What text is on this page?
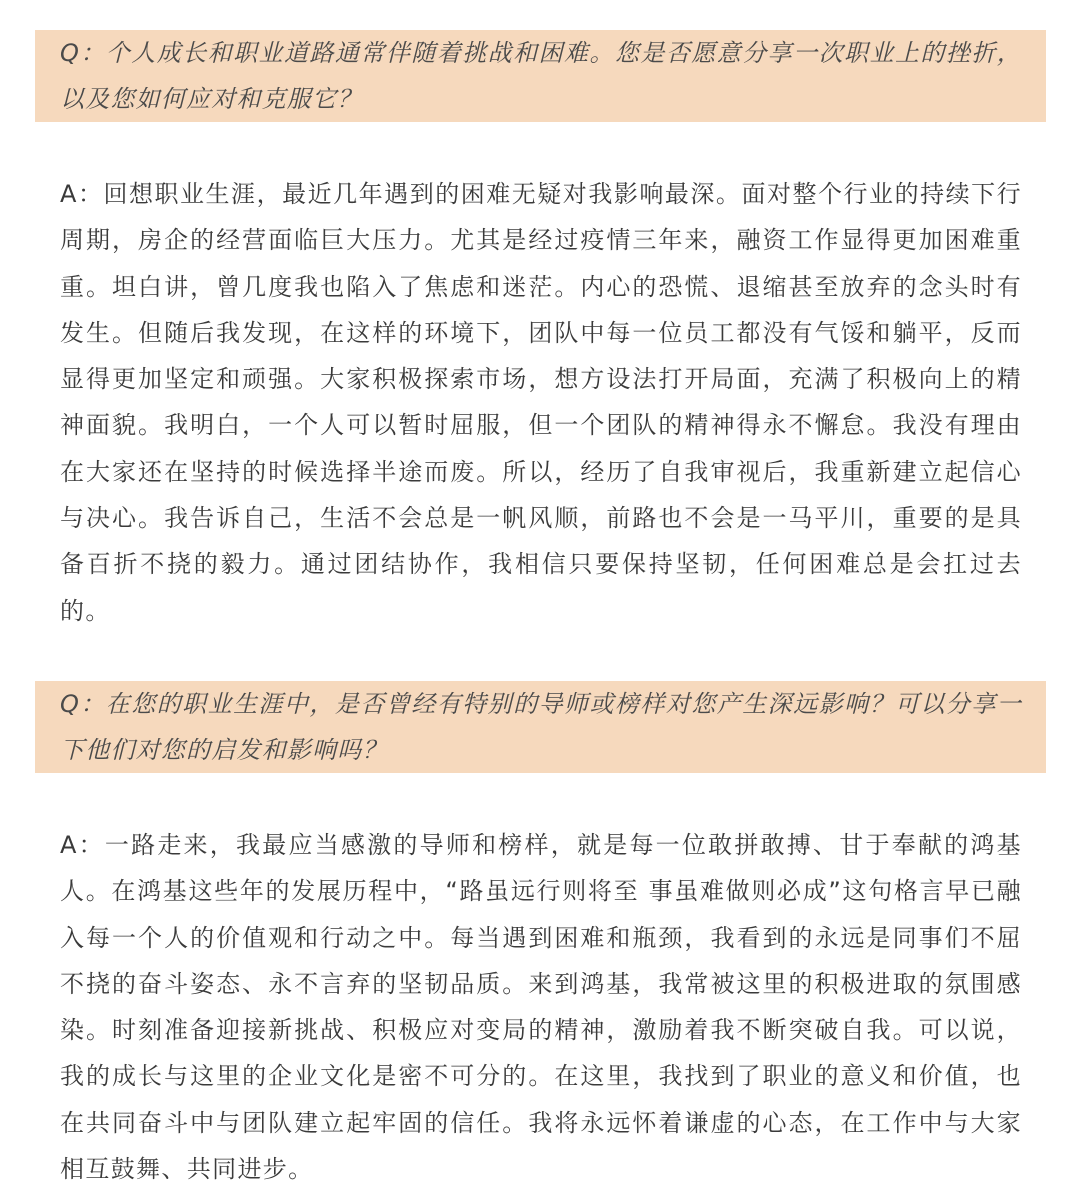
Q：个人成长和职业道路通常伴随着挑战和困难。您是否愿意分享一次职业上的挫折，以及您如何应对和克服它？

A：回想职业生涯，最近几年遇到的困难无疑对我影响最深。面对整个行业的持续下行周期，房企的经营面临巨大压力。尤其是经过疫情三年来，融资工作显得更加困难重重。坦白讲，曾几度我也陷入了焦虑和迷茫。内心的恐慌、退缩甚至放弃的念头时有发生。但随后我发现，在这样的环境下，团队中每一位员工都没有气馁和躺平，反而显得更加坚定和顽强。大家积极探索市场，想方设法打开局面，充满了积极向上的精神面貌。我明白，一个人可以暂时屈服，但一个团队的精神得永不懈怠。我没有理由在大家还在坚持的时候选择半途而废。所以，经历了自我审视后，我重新建立起信心与决心。我告诉自己，生活不会总是一帆风顺，前路也不会是一马平川，重要的是具备百折不挠的毅力。通过团结协作，我相信只要保持坚韧，任何困难总是会扛过去的。

Q：在您的职业生涯中，是否曾经有特别的导师或榜样对您产生深远影响？可以分享一下他们对您的启发和影响吗？

A：一路走来，我最应当感激的导师和榜样，就是每一位敢拼敢搏、甘于奉献的鸿基人。在鸿基这些年的发展历程中，“路虽远行则将至 事虽难做则必成”这句格言早已融入每一个人的价值观和行动之中。每当遇到困难和瓶颈，我看到的永远是同事们不屈不挠的奋斗姿态、永不言弃的坚韧品质。来到鸿基，我常被这里的积极进取的氛围感染。时刻准备迎接新挑战、积极应对变局的精神，激励着我不断突破自我。可以说，我的成长与这里的企业文化是密不可分的。在这里，我找到了职业的意义和价值，也在共同奋斗中与团队建立起牢固的信任。我将永远怀着谦虚的心态，在工作中与大家相互鼓舞、共同进步。
